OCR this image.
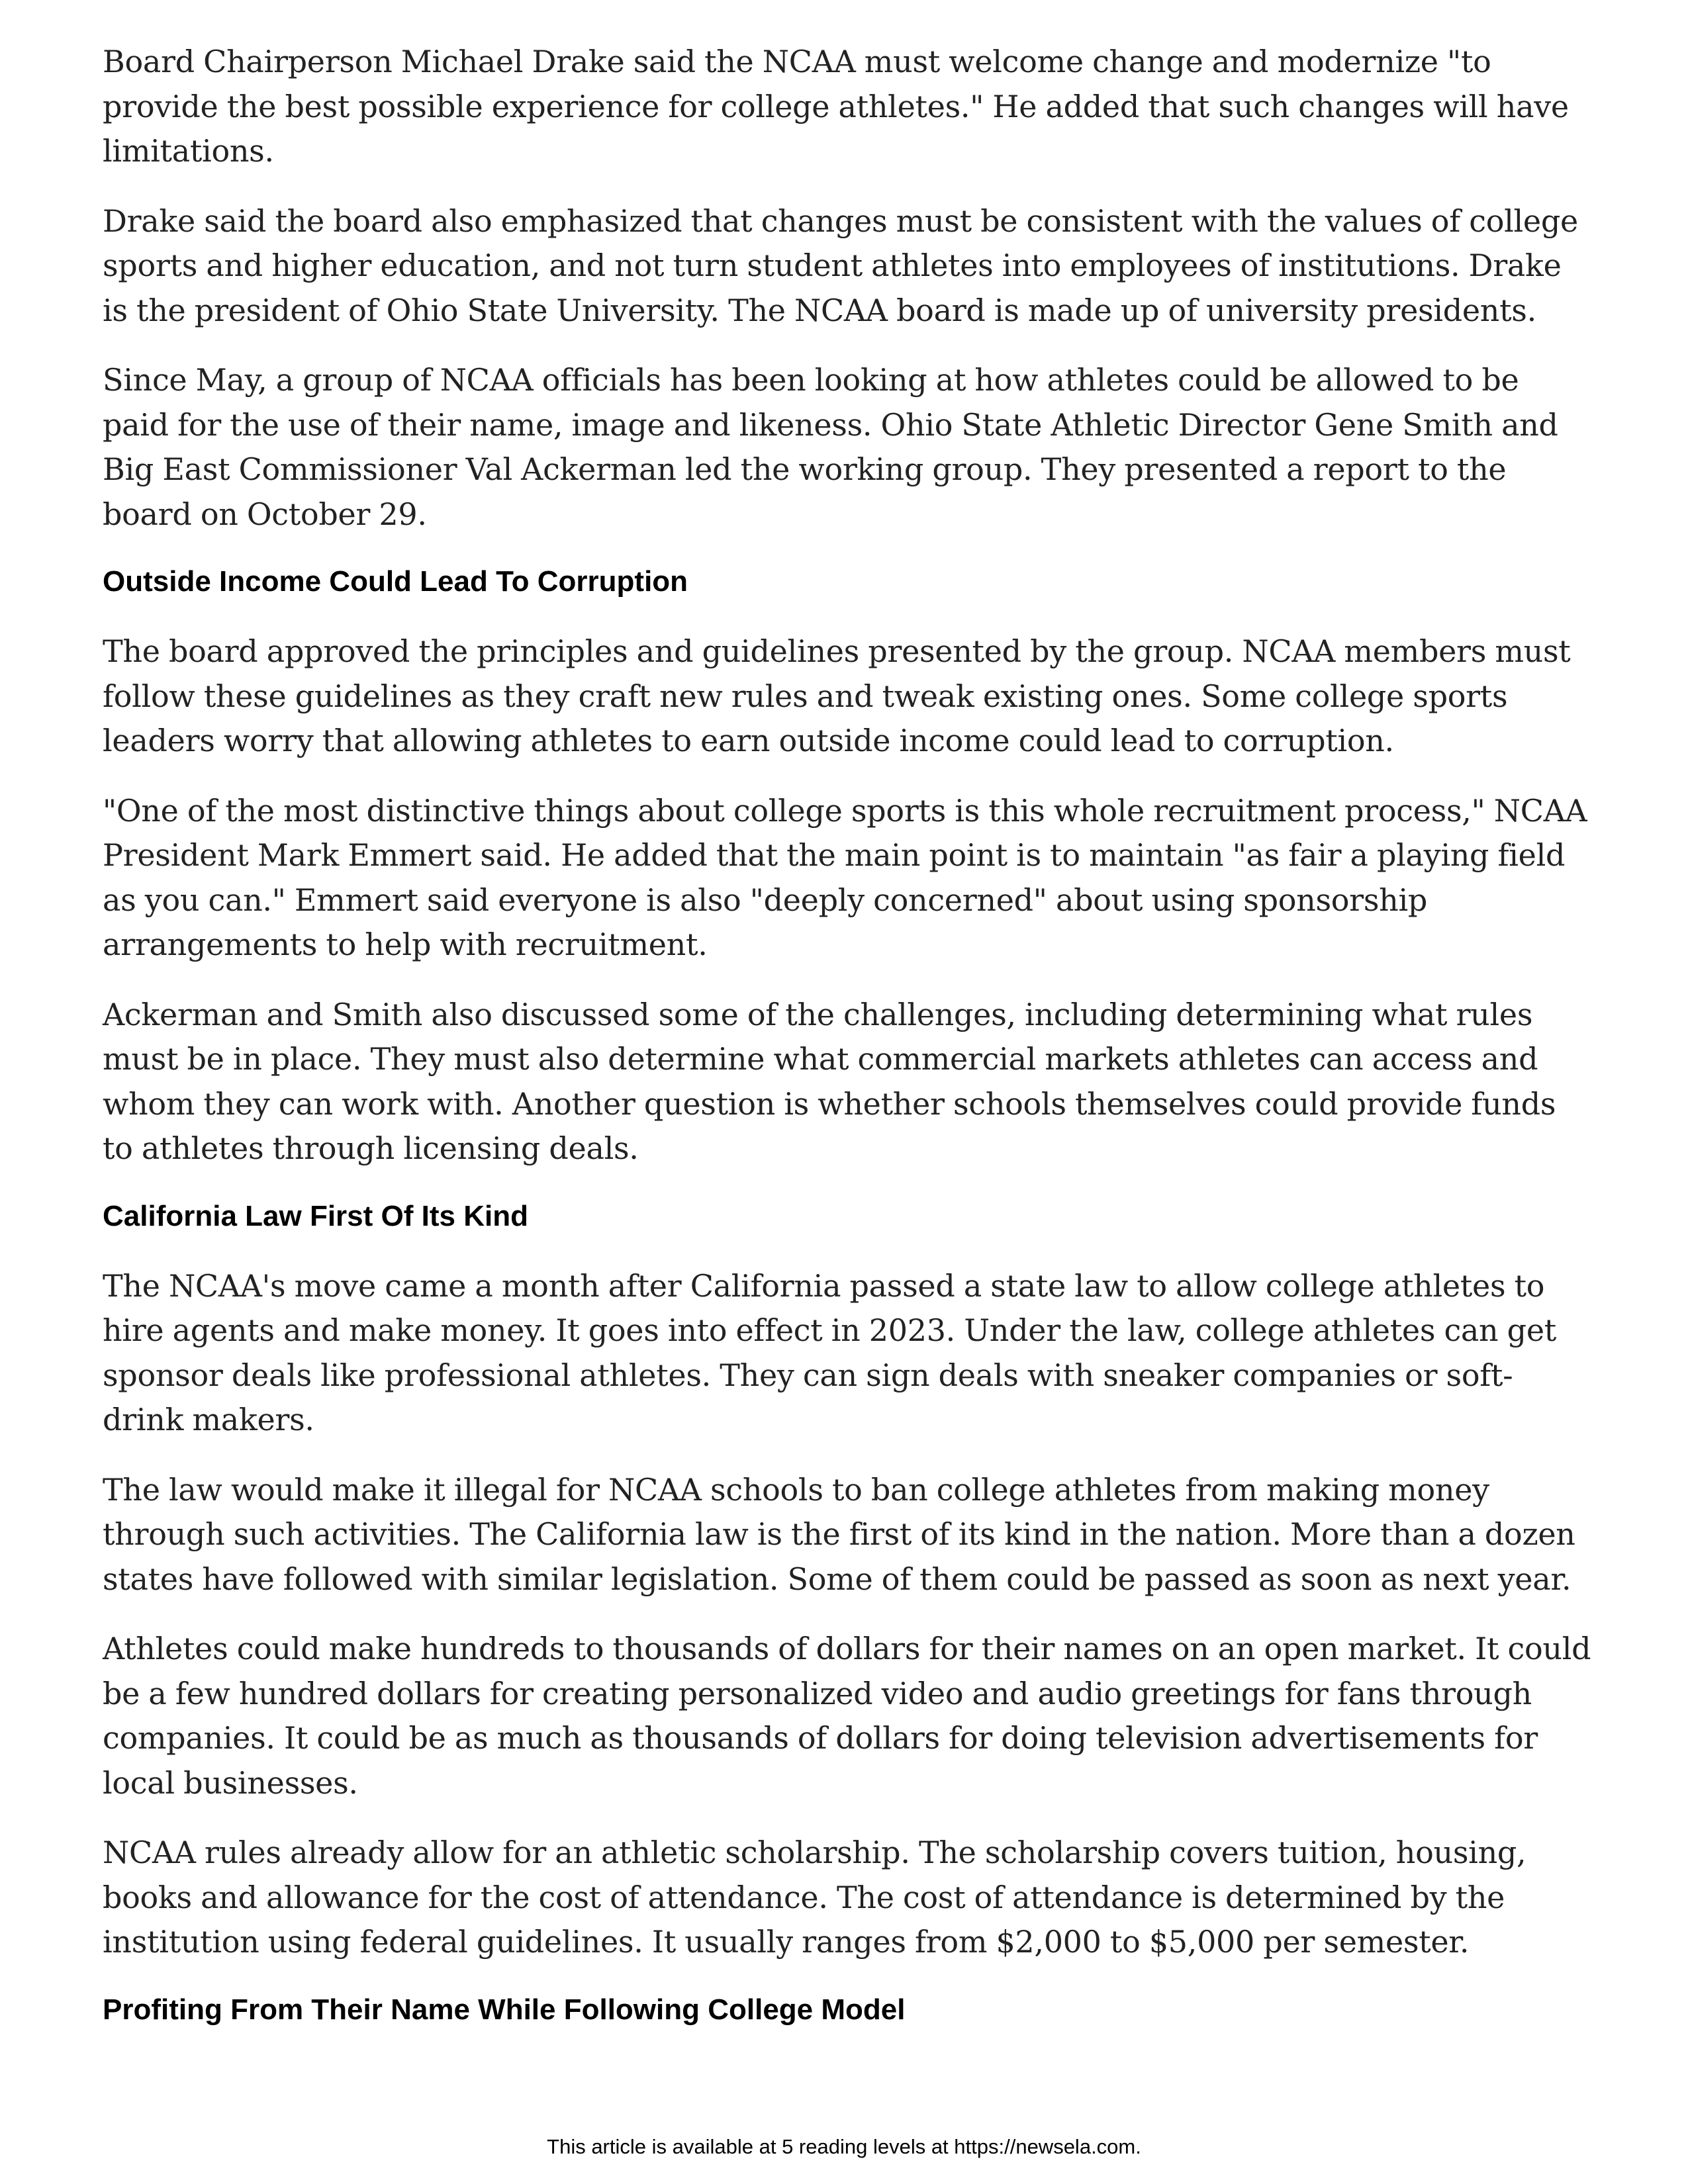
Board Chairperson Michael Drake said the NCAA must welcome change and modernize "to provide the best possible experience for college athletes." He added that such changes will have limitations.

Drake said the board also emphasized that changes must be consistent with the values of college sports and higher education, and not turn student athletes into employees of institutions. Drake is the president of Ohio State University. The NCAA board is made up of university presidents.

Since May, a group of NCAA officials has been looking at how athletes could be allowed to be paid for the use of their name, image and likeness. Ohio State Athletic Director Gene Smith and Big East Commissioner Val Ackerman led the working group. They presented a report to the board on October 29.

Outside Income Could Lead To Corruption

The board approved the principles and guidelines presented by the group. NCAA members must follow these guidelines as they craft new rules and tweak existing ones. Some college sports leaders worry that allowing athletes to earn outside income could lead to corruption.

"One of the most distinctive things about college sports is this whole recruitment process," NCAA President Mark Emmert said. He added that the main point is to maintain "as fair a playing field as you can." Emmert said everyone is also "deeply concerned" about using sponsorship arrangements to help with recruitment.

Ackerman and Smith also discussed some of the challenges, including determining what rules must be in place. They must also determine what commercial markets athletes can access and whom they can work with. Another question is whether schools themselves could provide funds to athletes through licensing deals.

California Law First Of Its Kind

The NCAA's move came a month after California passed a state law to allow college athletes to hire agents and make money. It goes into effect in 2023. Under the law, college athletes can get sponsor deals like professional athletes. They can sign deals with sneaker companies or soft-drink makers.

The law would make it illegal for NCAA schools to ban college athletes from making money through such activities. The California law is the first of its kind in the nation. More than a dozen states have followed with similar legislation. Some of them could be passed as soon as next year.

Athletes could make hundreds to thousands of dollars for their names on an open market. It could be a few hundred dollars for creating personalized video and audio greetings for fans through companies. It could be as much as thousands of dollars for doing television advertisements for local businesses.

NCAA rules already allow for an athletic scholarship. The scholarship covers tuition, housing, books and allowance for the cost of attendance. The cost of attendance is determined by the institution using federal guidelines. It usually ranges from $2,000 to $5,000 per semester.

Profiting From Their Name While Following College Model
This article is available at 5 reading levels at https://newsela.com.
